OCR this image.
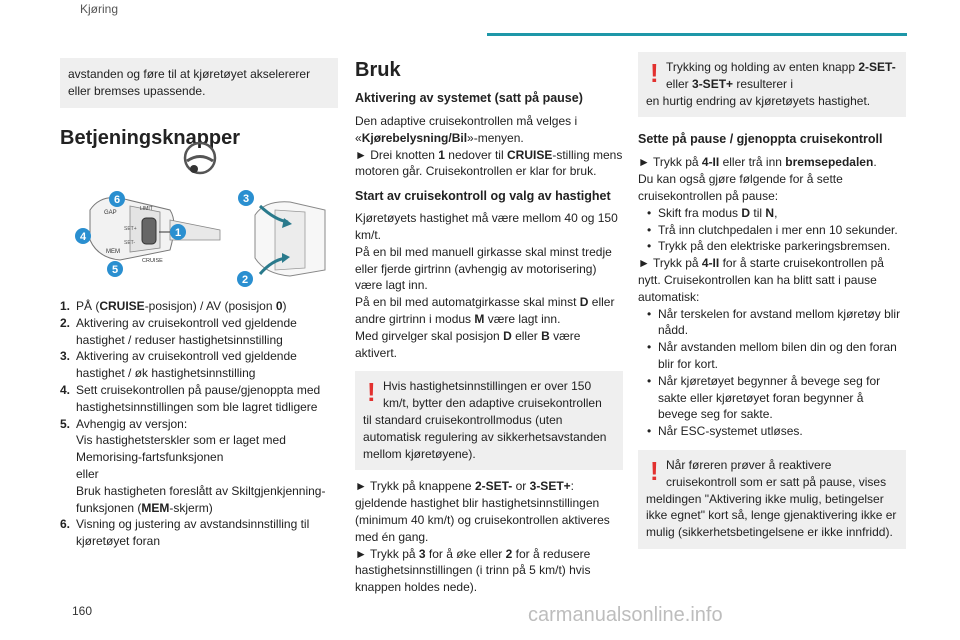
Kjøring

avstanden og føre til at kjøretøyet akselererer eller bremses upassende.

Betjeningsknapper
GAP
MEM
CRUISE
LIMIT
SET+
SET-
6
4
5
1
3
2
1. PÅ (CRUISE-posisjon) / AV (posisjon 0)
2. Aktivering av cruisekontroll ved gjeldende hastighet / reduser hastighetsinnstilling
3. Aktivering av cruisekontroll ved gjeldende hastighet / øk hastighetsinnstilling
4. Sett cruisekontrollen på pause/gjenoppta med hastighetsinnstillingen som ble lagret tidligere
5. Avhengig av versjon:
Vis hastighetsterskler som er laget med Memorising-fartsfunksjonen
eller
Bruk hastigheten foreslått av Skiltgjenkjenning-funksjonen (MEM-skjerm)
6. Visning og justering av avstandsinnstilling til kjøretøyet foran
Bruk
Aktivering av systemet (satt på pause)

Den adaptive cruisekontrollen må velges i «Kjørebelysning/Bil»-menyen.

► Drei knotten 1 nedover til CRUISE-stilling mens motoren går. Cruisekontrollen er klar for bruk.

Start av cruisekontroll og valg av hastighet

Kjøretøyets hastighet må være mellom 40 og 150 km/t.

På en bil med manuell girkasse skal minst tredje eller fjerde girtrinn (avhengig av motorisering) være lagt inn.

På en bil med automatgirkasse skal minst D eller andre girtrinn i modus M være lagt inn.

Med girvelger skal posisjon D eller B være aktivert.

! Hvis hastighetsinnstillingen er over 150 km/t, bytter den adaptive cruisekontrollen

til standard cruisekontrollmodus (uten automatisk regulering av sikkerhetsavstanden mellom kjøretøyene).

► Trykk på knappene 2-SET- or 3-SET+: gjeldende hastighet blir hastighetsinnstillingen (minimum 40 km/t) og cruisekontrollen aktiveres med én gang.

► Trykk på 3 for å øke eller 2 for å redusere hastighetsinnstillingen (i trinn på 5 km/t) hvis knappen holdes nede).

! Trykking og holding av enten knapp 2-SET- eller 3-SET+ resulterer i

en hurtig endring av kjøretøyets hastighet.

Sette på pause / gjenoppta cruisekontroll

► Trykk på 4-II eller trå inn bremsepedalen.

Du kan også gjøre følgende for å sette cruisekontrollen på pause:

• Skift fra modus D til N,
• Trå inn clutchpedalen i mer enn 10 sekunder.
• Trykk på den elektriske parkeringsbremsen.

► Trykk på 4-II for å starte cruisekontrollen på nytt. Cruisekontrollen kan ha blitt satt i pause automatisk:

• Når terskelen for avstand mellom kjøretøy blir nådd.
• Når avstanden mellom bilen din og den foran blir for kort.
• Når kjøretøyet begynner å bevege seg for sakte eller kjøretøyet foran begynner å bevege seg for sakte.
• Når ESC-systemet utløses.
! Når føreren prøver å reaktivere cruisekontroll som er satt på pause, vises

meldingen "Aktivering ikke mulig, betingelser ikke egnet" kort så, lenge gjenaktivering ikke er mulig (sikkerhetsbetingelsene er ikke innfridd).

160	carmanualsonline.info
